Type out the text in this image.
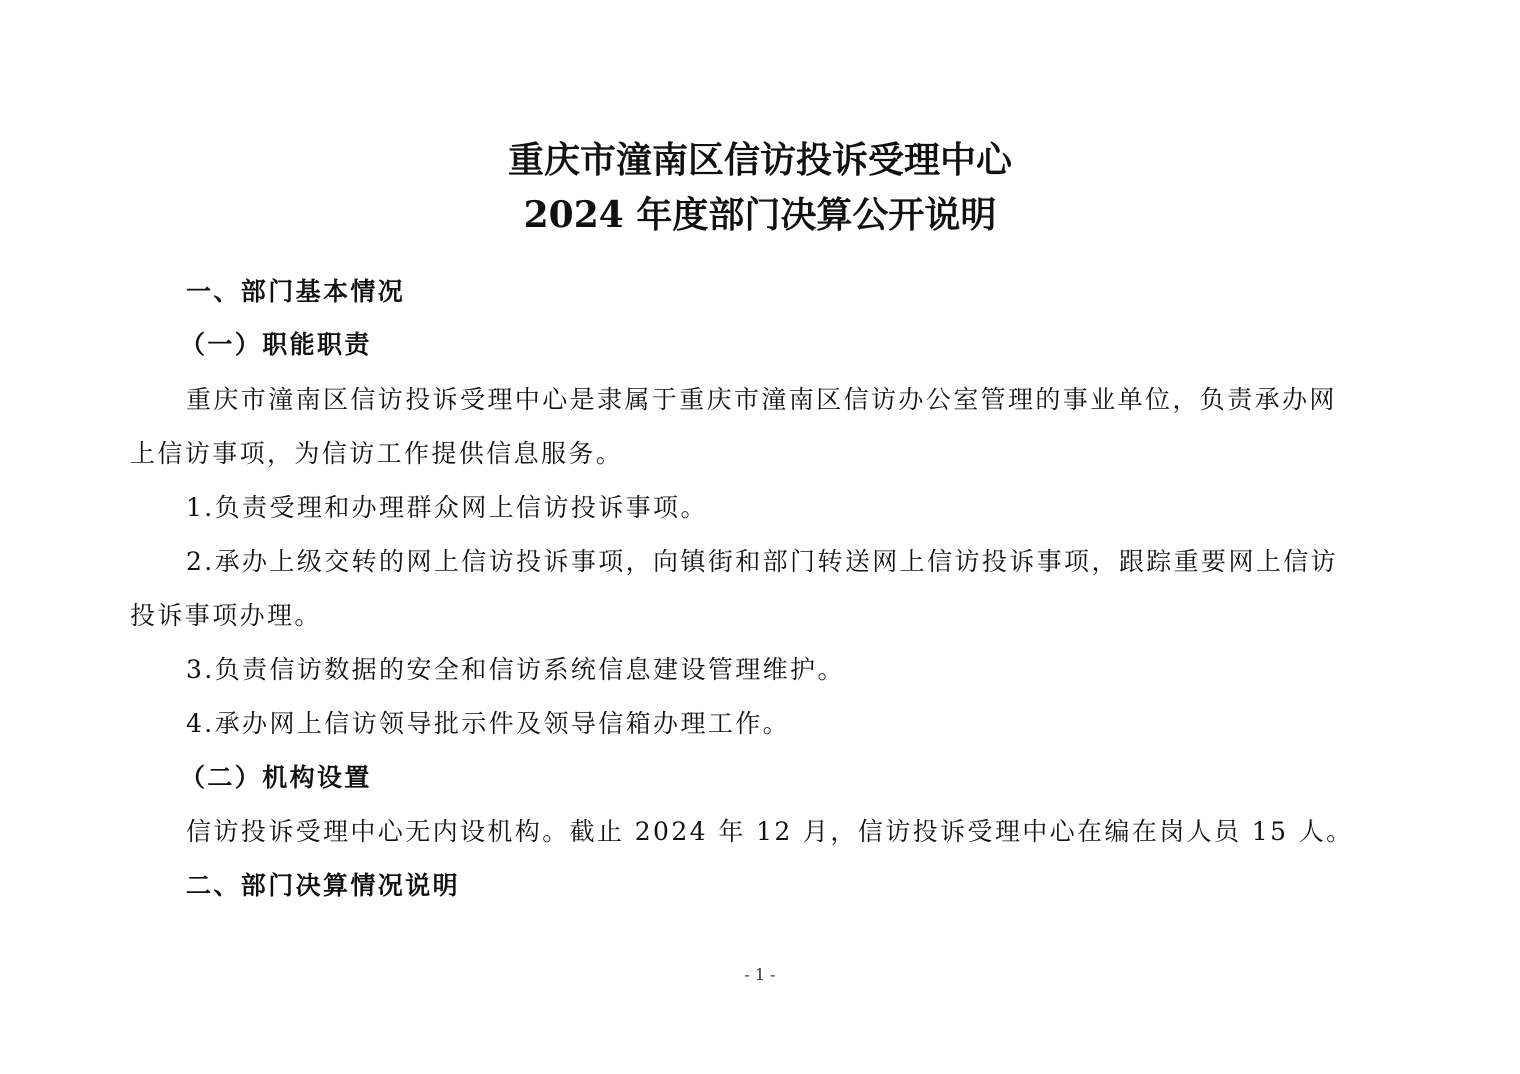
重庆市潼南区信访投诉受理中心
2024 年度部门决算公开说明
一、部门基本情况
（一）职能职责
重庆市潼南区信访投诉受理中心是隶属于重庆市潼南区信访办公室管理的事业单位，负责承办网
上信访事项，为信访工作提供信息服务。
1.负责受理和办理群众网上信访投诉事项。
2.承办上级交转的网上信访投诉事项，向镇街和部门转送网上信访投诉事项，跟踪重要网上信访
投诉事项办理。
3.负责信访数据的安全和信访系统信息建设管理维护。
4.承办网上信访领导批示件及领导信箱办理工作。
（二）机构设置
信访投诉受理中心无内设机构。截止 2024 年 12 月，信访投诉受理中心在编在岗人员 15 人。
二、部门决算情况说明
- 1 -
